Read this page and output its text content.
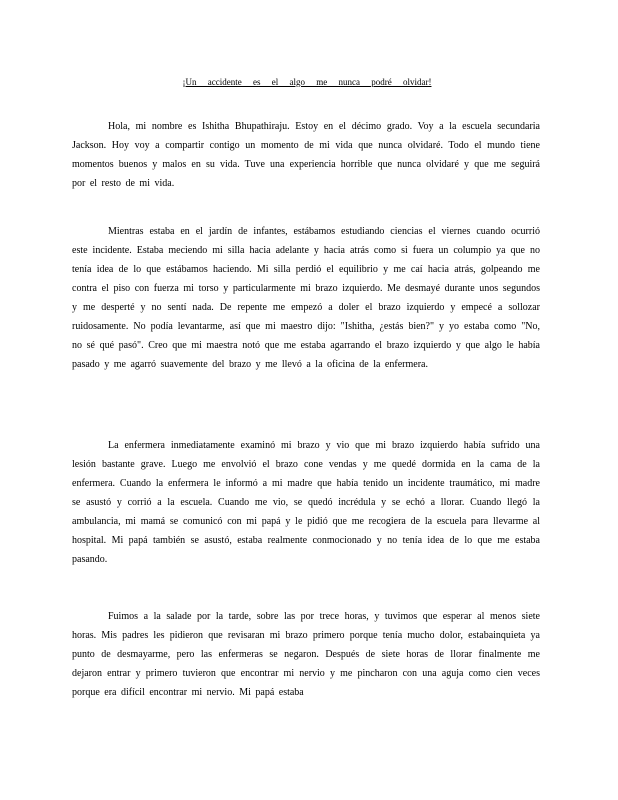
¡Un accidente es el algo me nunca podré olvidar!

Hola, mi nombre es Ishitha Bhupathiraju. Estoy en el décimo grado. Voy a la escuela secundaria Jackson. Hoy voy a compartir contigo un momento de mi vida que nunca olvidaré. Todo el mundo tiene momentos buenos y malos en su vida. Tuve una experiencia horrible que nunca olvidaré y que me seguirá por el resto de mi vida.

Mientras estaba en el jardín de infantes, estábamos estudiando ciencias el viernes cuando ocurrió este incidente. Estaba meciendo mi silla hacia adelante y hacia atrás como si fuera un columpio ya que no tenía idea de lo que estábamos haciendo. Mi silla perdió el equilibrio y me caí hacia atrás, golpeando me contra el piso con fuerza mi torso y particularmente mi brazo izquierdo. Me desmayé durante unos segundos y me desperté y no sentí nada. De repente me empezó a doler el brazo izquierdo y empecé a sollozar ruidosamente. No podía levantarme, así que mi maestro dijo: "Ishitha, ¿estás bien?" y yo estaba como "No, no sé qué pasó". Creo que mi maestra notó que me estaba agarrando el brazo izquierdo y que algo le había pasado y me agarró suavemente del brazo y me llevó a la oficina de la enfermera.

La enfermera inmediatamente examinó mi brazo y vio que mi brazo izquierdo había sufrido una lesión bastante grave. Luego me envolvió el brazo cone vendas y me quedé dormida en la cama de la enfermera. Cuando la enfermera le informó a mi madre que había tenido un incidente traumático, mi madre se asustó y corrió a la escuela. Cuando me vio, se quedó incrédula y se echó a llorar. Cuando llegó la ambulancia, mi mamá se comunicó con mi papá y le pidió que me recogiera de la escuela para llevarme al hospital. Mi papá también se asustó, estaba realmente conmocionado y no tenía idea de lo que me estaba pasando.

Fuimos a la salade por la tarde, sobre las por trece horas, y tuvimos que esperar al menos siete horas. Mis padres les pidieron que revisaran mi brazo primero porque tenía mucho dolor, estabainquieta ya punto de desmayarme, pero las enfermeras se negaron. Después de siete horas de llorar finalmente me dejaron entrar y primero tuvieron que encontrar mi nervio y me pincharon con una aguja como cien veces porque era difícil encontrar mi nervio. Mi papá estaba
